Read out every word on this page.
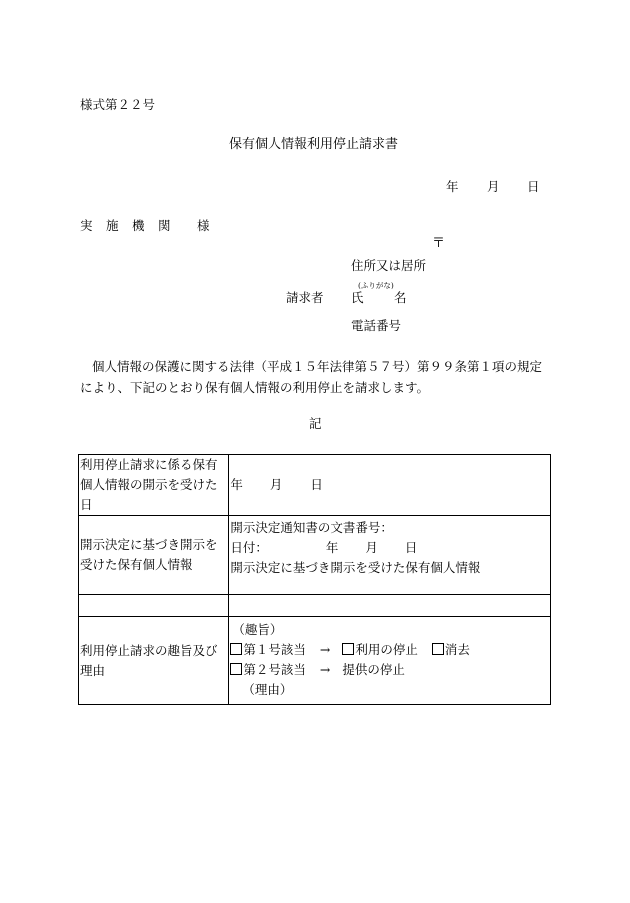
様式第２２号
保有個人情報利用停止請求書
年 月 日
実　施　機　関　　様
〒
住所又は居所
請求者 氏
(ふりがな)
名
電話番号
個人情報の保護に関する法律（平成１５年法律第５７号）第９９条第１項の規定により、下記のとおり保有個人情報の利用停止を請求します。
記
利用停止請求に係る保有個人情報の開示を受けた日	年 月 日
開示決定に基づき開示を受けた保有個人情報	開示決定通知書の文書番号：
日付： 年 月 日
開示決定に基づき開示を受けた保有個人情報

利用停止請求の趣旨及び理由	（趣旨）
第１号該当 → 利用の停止 消去
第２号該当 → 提供の停止
（理由）
